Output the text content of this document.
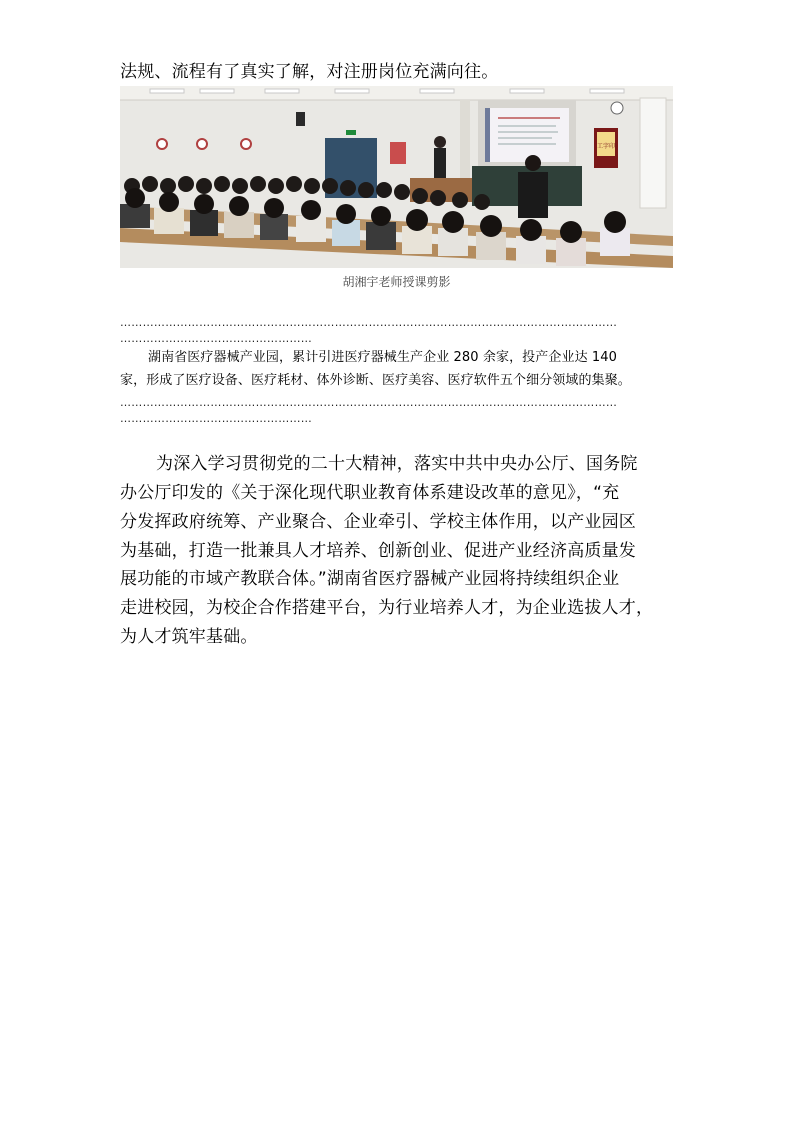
法规、流程有了真实了解，对注册岗位充满向往。
工字印
胡湘宇老师授课剪影
……………………………………………………………………………………………………………………
……………………………………………
湖南省医疗器械产业园，累计引进医疗器械生产企业 280 余家，投产企业达 140
家，形成了医疗设备、医疗耗材、体外诊断、医疗美容、医疗软件五个细分领域的集聚。
……………………………………………………………………………………………………………………
……………………………………………
为深入学习贯彻党的二十大精神，落实中共中央办公厅、国务院
办公厅印发的《关于深化现代职业教育体系建设改革的意见》，“充
分发挥政府统筹、产业聚合、企业牵引、学校主体作用，以产业园区
为基础，打造一批兼具人才培养、创新创业、促进产业经济高质量发
展功能的市域产教联合体。”湖南省医疗器械产业园将持续组织企业
走进校园，为校企合作搭建平台，为行业培养人才，为企业选拔人才，
为人才筑牢基础。
